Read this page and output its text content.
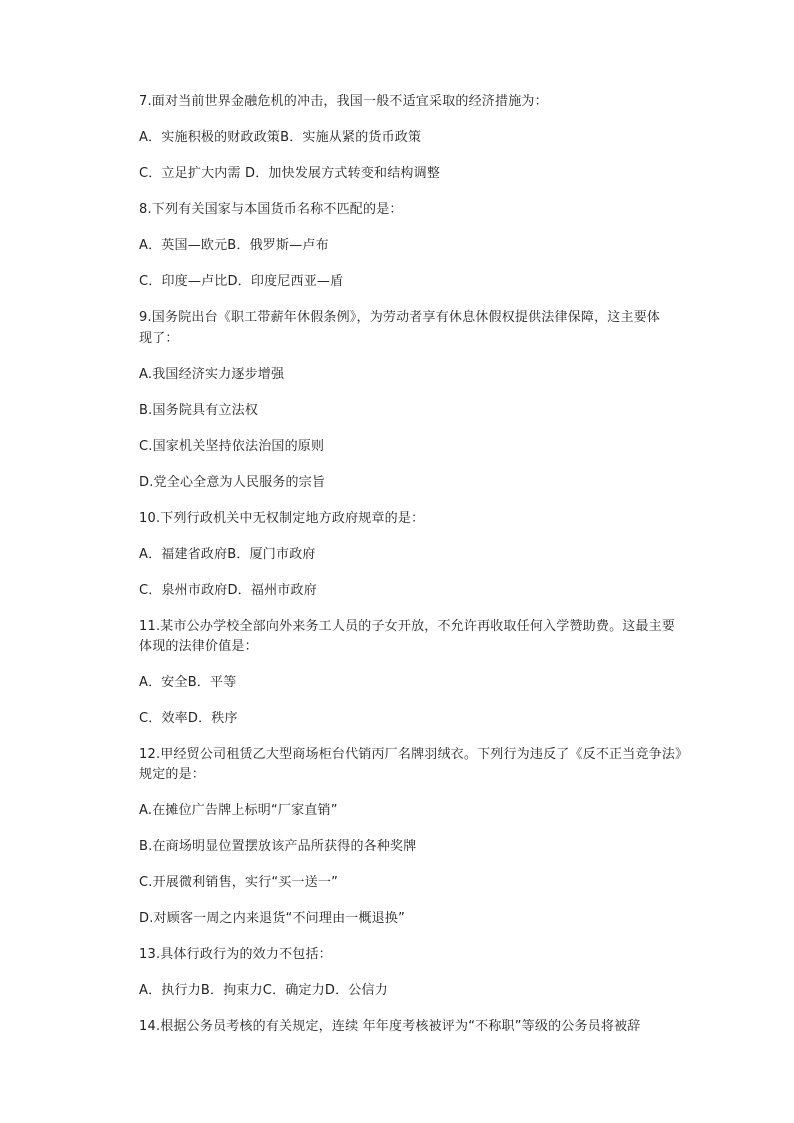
7.面对当前世界金融危机的冲击，我国一般不适宜采取的经济措施为：
A．实施积极的财政政策B．实施从紧的货币政策
C．立足扩大内需 D．加快发展方式转变和结构调整
8.下列有关国家与本国货币名称不匹配的是：
A．英国—欧元B．俄罗斯—卢布
C．印度—卢比D．印度尼西亚—盾
9.国务院出台《职工带薪年休假条例》，为劳动者享有休息休假权提供法律保障，这主要体
现了：
A.我国经济实力逐步增强
B.国务院具有立法权
C.国家机关坚持依法治国的原则
D.党全心全意为人民服务的宗旨
10.下列行政机关中无权制定地方政府规章的是：
A．福建省政府B．厦门市政府
C．泉州市政府D．福州市政府
11.某市公办学校全部向外来务工人员的子女开放，不允许再收取任何入学赞助费。这最主要
体现的法律价值是：
A．安全B．平等
C．效率D．秩序
12.甲经贸公司租赁乙大型商场柜台代销丙厂名牌羽绒衣。下列行为违反了《反不正当竞争法》
规定的是：
A.在摊位广告牌上标明“厂家直销”
B.在商场明显位置摆放该产品所获得的各种奖牌
C.开展微利销售，实行“买一送一”
D.对顾客一周之内来退货“不问理由一概退换”
13.具体行政行为的效力不包括：
A．执行力B．拘束力C．确定力D．公信力
14.根据公务员考核的有关规定，连续 年年度考核被评为“不称职”等级的公务员将被辞
